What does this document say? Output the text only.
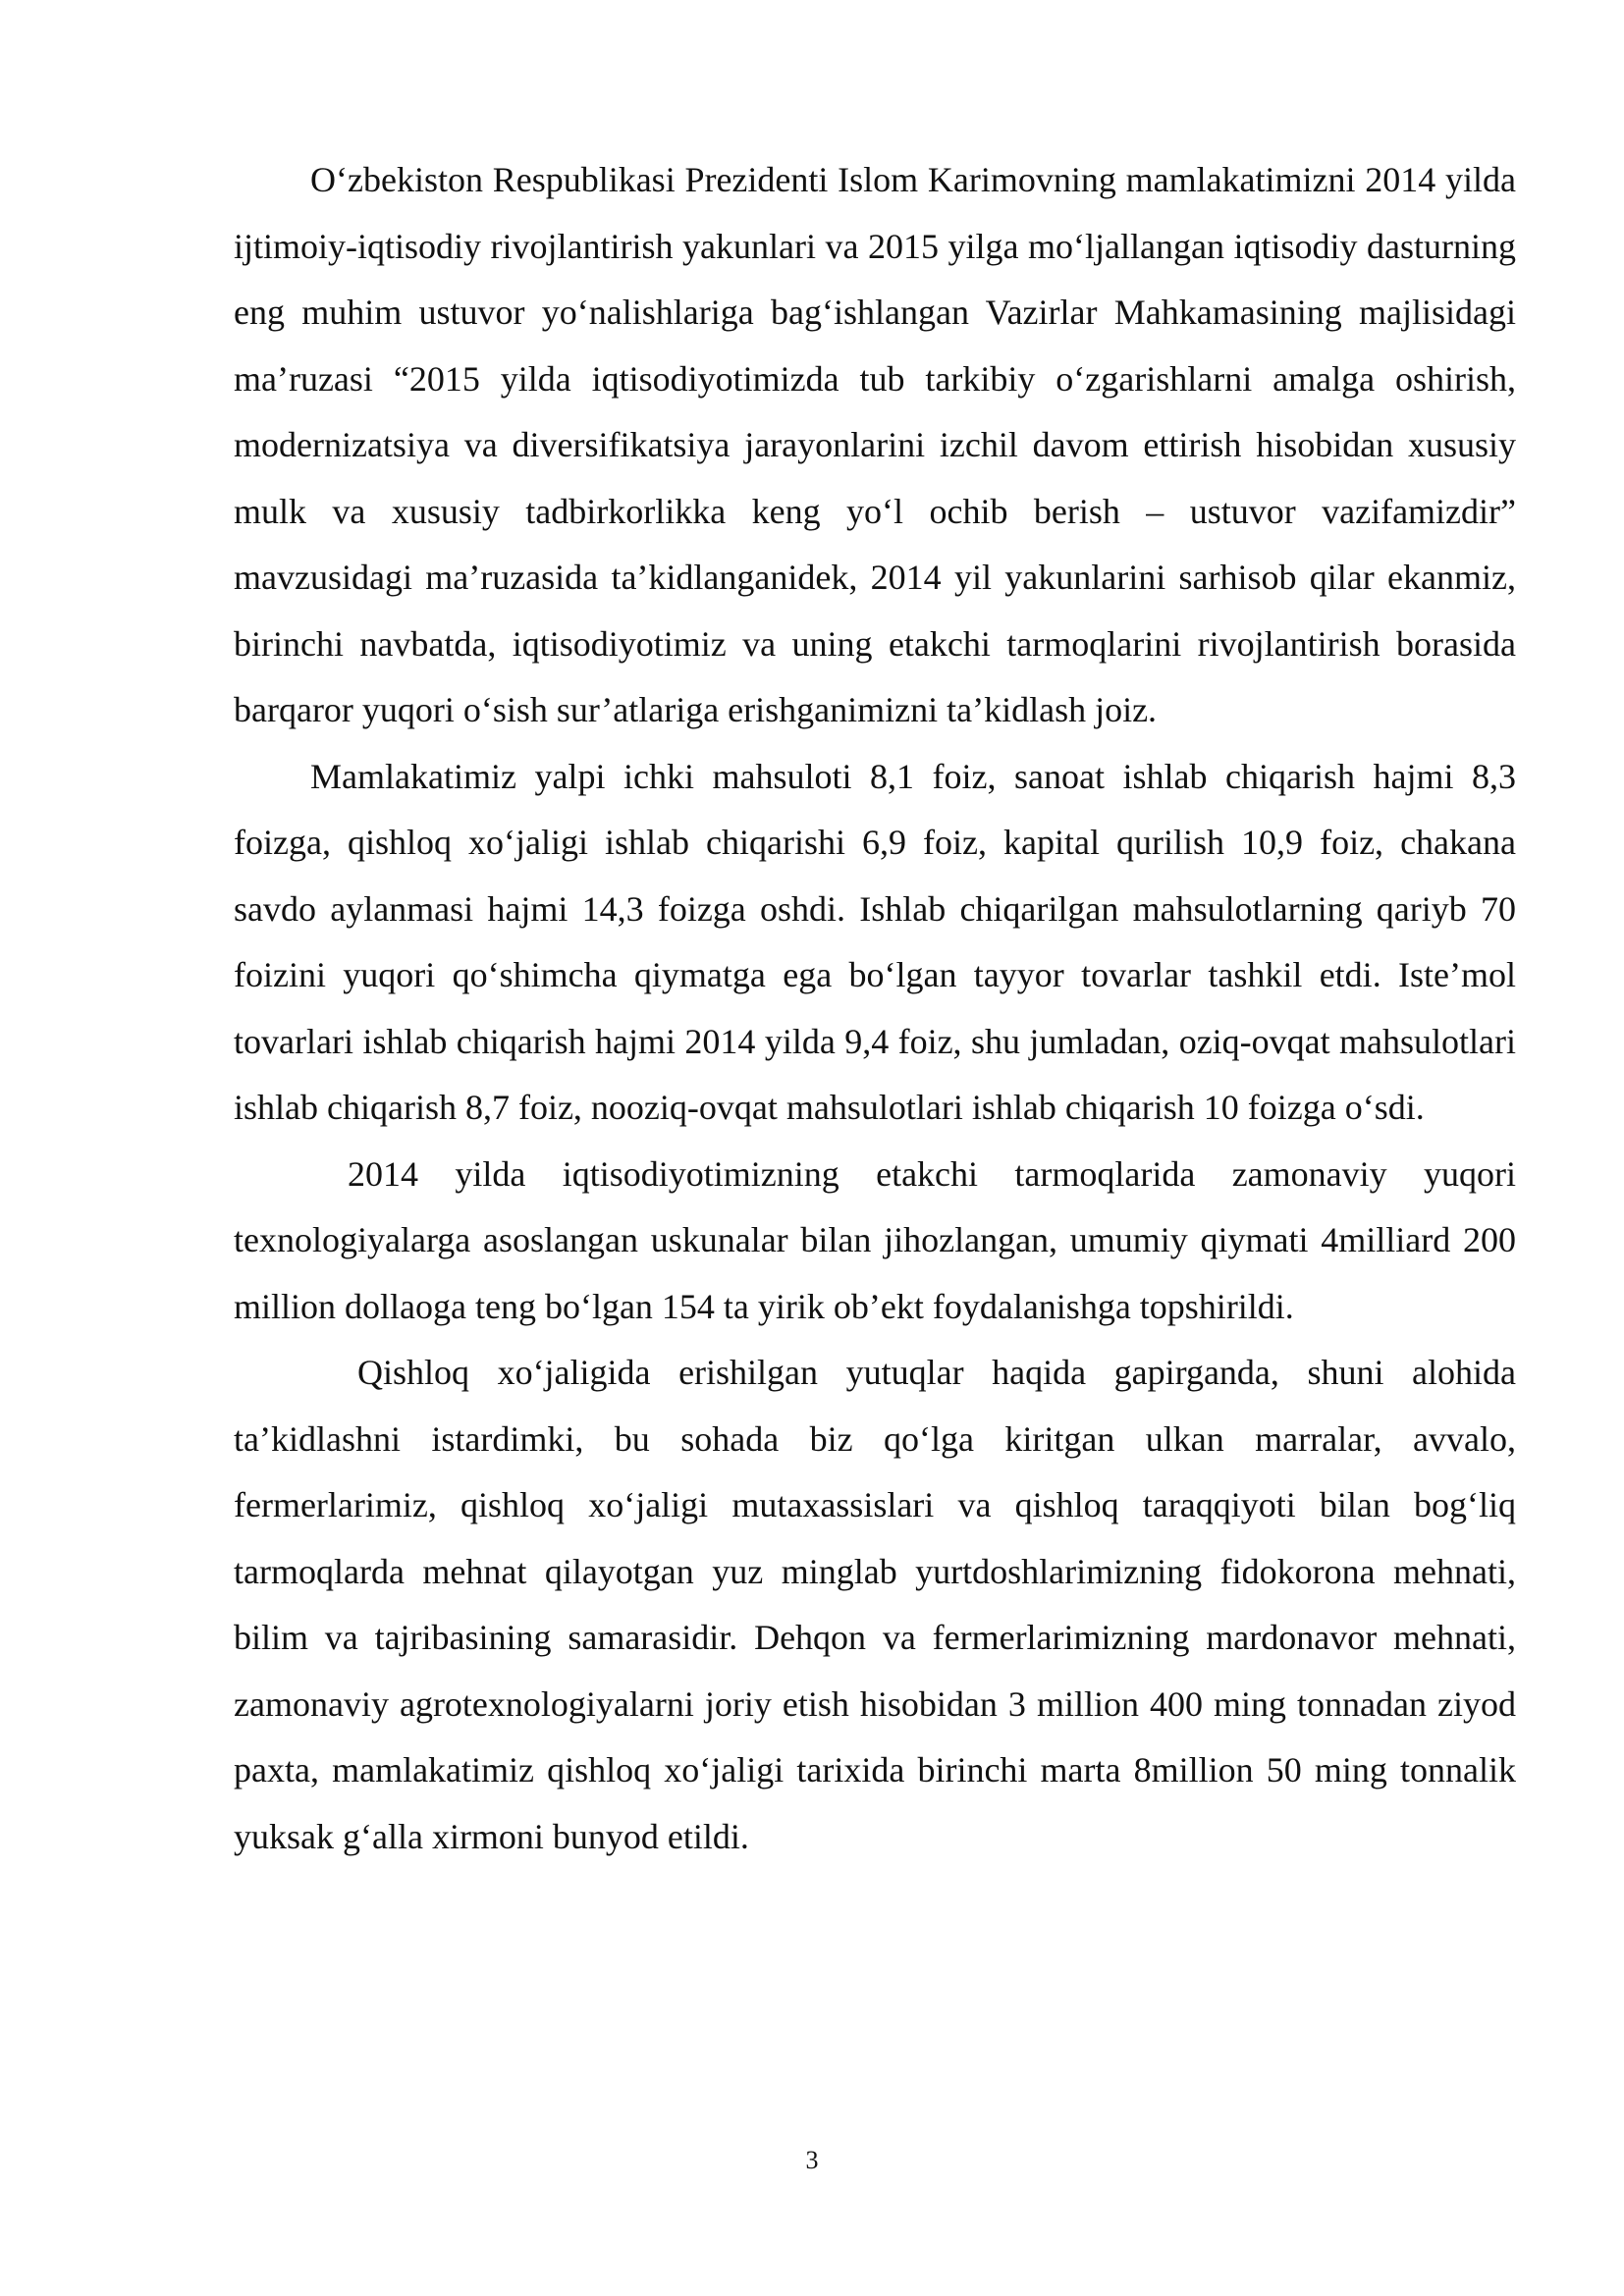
O‘zbekiston Respublikasi Prezidenti Islom Karimovning mamlakatimizni 2014 yilda ijtimoiy-iqtisodiy rivojlantirish yakunlari va 2015 yilga mo‘ljallangan iqtisodiy dasturning eng muhim ustuvor yo‘nalishlariga bag‘ishlangan Vazirlar Mahkamasining majlisidagi ma’ruzasi “2015 yilda iqtisodiyotimizda tub tarkibiy o‘zgarishlarni amalga oshirish, modernizatsiya va diversifikatsiya jarayonlarini izchil davom ettirish hisobidan xususiy mulk va xususiy tadbirkorlikka keng yo‘l ochib berish – ustuvor vazifamizdir” mavzusidagi ma’ruzasida ta’kidlanganidek, 2014 yil yakunlarini sarhisob qilar ekanmiz, birinchi navbatda, iqtisodiyotimiz va uning etakchi tarmoqlarini rivojlantirish borasida barqaror yuqori o‘sish sur’atlariga erishganimizni ta’kidlash joiz.

Mamlakatimiz yalpi ichki mahsuloti 8,1 foiz, sanoat ishlab chiqarish hajmi 8,3 foizga, qishloq xo‘jaligi ishlab chiqarishi 6,9 foiz, kapital qurilish 10,9 foiz, chakana savdo aylanmasi hajmi 14,3 foizga oshdi. Ishlab chiqarilgan mahsulotlarning qariyb 70 foizini yuqori qo‘shimcha qiymatga ega bo‘lgan tayyor tovarlar tashkil etdi. Iste’mol tovarlari ishlab chiqarish hajmi 2014 yilda 9,4 foiz, shu jumladan, oziq-ovqat mahsulotlari ishlab chiqarish 8,7 foiz, nooziq-ovqat mahsulotlari ishlab chiqarish 10 foizga o‘sdi.

2014 yilda iqtisodiyotimizning etakchi tarmoqlarida zamonaviy yuqori texnologiyalarga asoslangan uskunalar bilan jihozlangan, umumiy qiymati 4milliard 200 million dollaoga teng bo‘lgan 154 ta yirik ob’ekt foydalanishga topshirildi.

Qishloq xo‘jaligida erishilgan yutuqlar haqida gapirganda, shuni alohida ta’kidlashni istardimki, bu sohada biz qo‘lga kiritgan ulkan marralar, avvalo, fermerlarimiz, qishloq xo‘jaligi mutaxassislari va qishloq taraqqiyoti bilan bog‘liq tarmoqlarda mehnat qilayotgan yuz minglab yurtdoshlarimizning fidokorona mehnati, bilim va tajribasining samarasidir. Dehqon va fermerlarimizning mardonavor mehnati, zamonaviy agrotexnologiyalarni joriy etish hisobidan 3 million 400 ming tonnadan ziyod paxta, mamlakatimiz qishloq xo‘jaligi tarixida birinchi marta 8million 50 ming tonnalik yuksak g‘alla xirmoni bunyod etildi.

3
